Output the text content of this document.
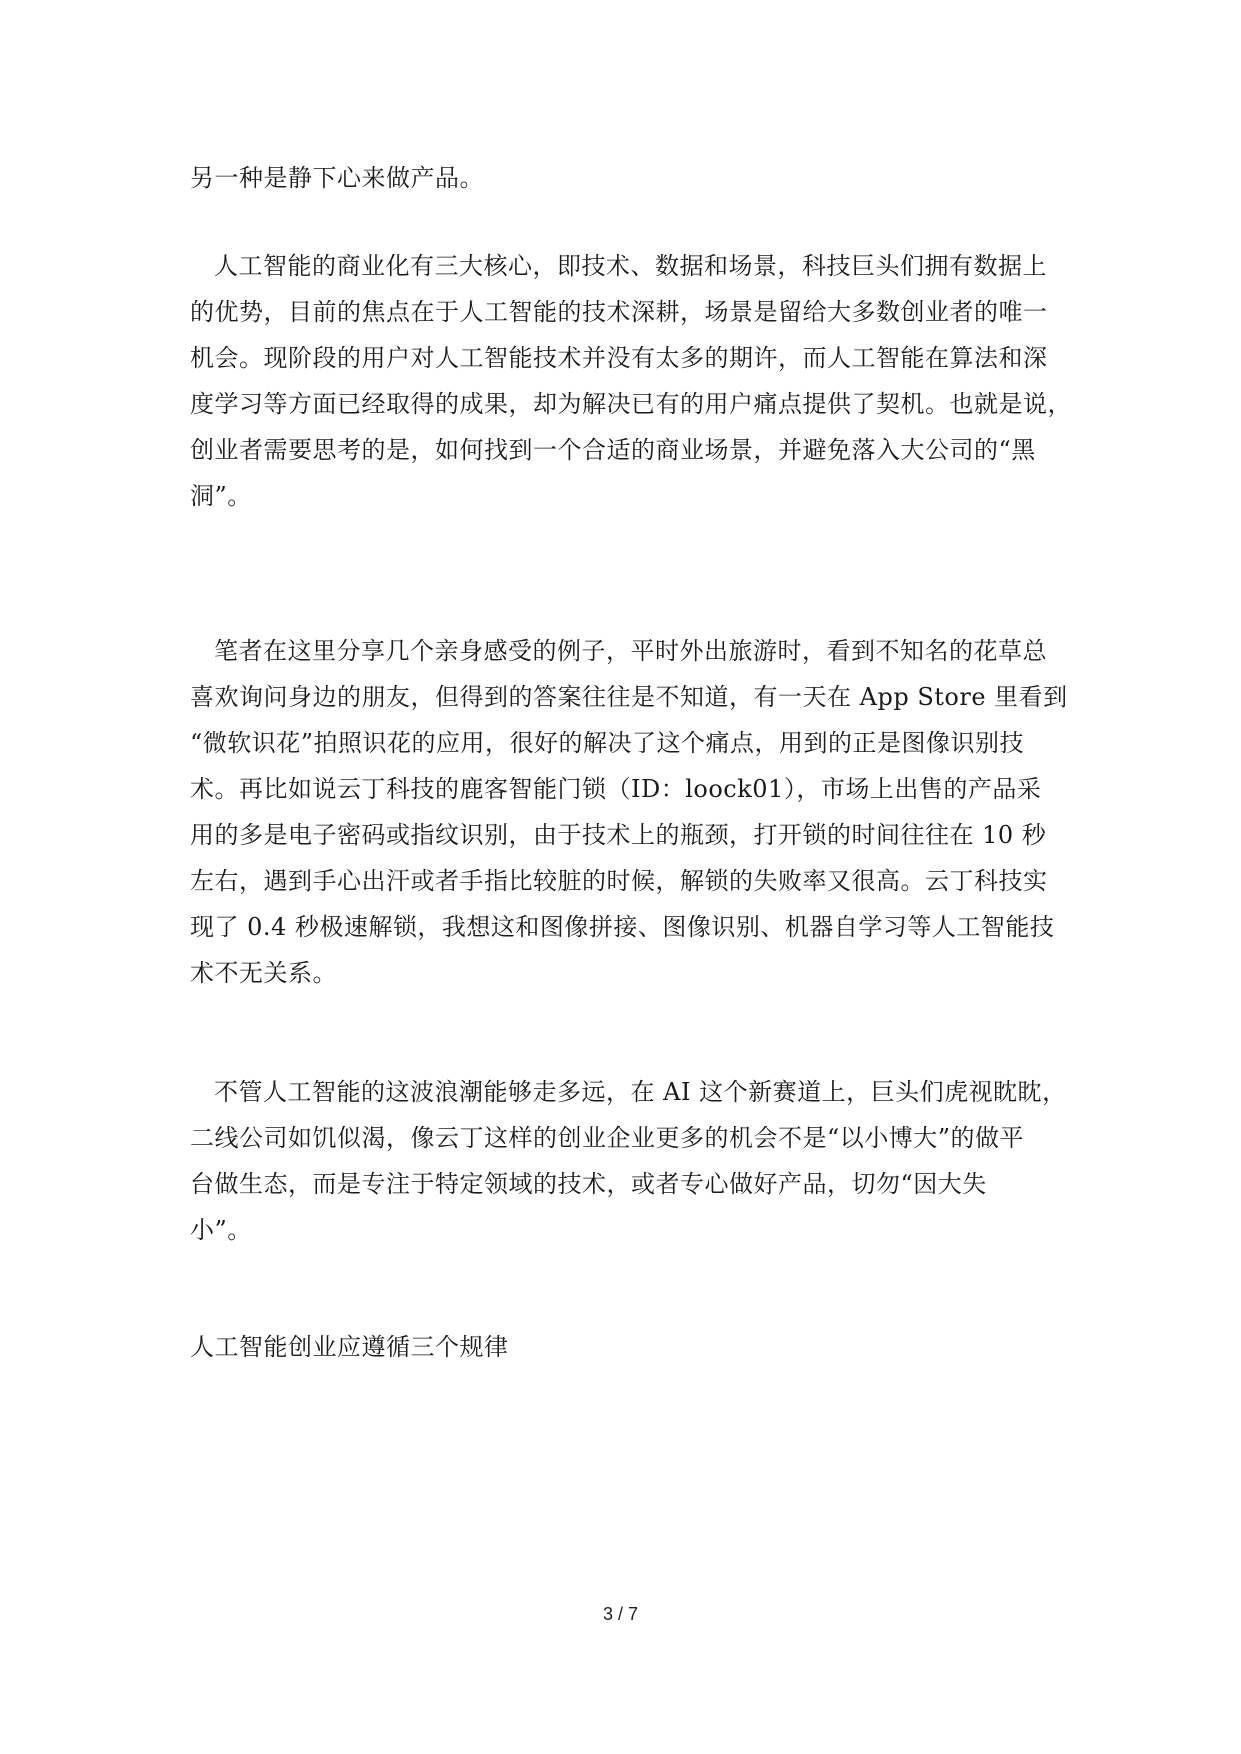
另一种是静下心来做产品。
人工智能的商业化有三大核心，即技术、数据和场景，科技巨头们拥有数据上
的优势，目前的焦点在于人工智能的技术深耕，场景是留给大多数创业者的唯一
机会。现阶段的用户对人工智能技术并没有太多的期许，而人工智能在算法和深
度学习等方面已经取得的成果，却为解决已有的用户痛点提供了契机。也就是说，
创业者需要思考的是，如何找到一个合适的商业场景，并避免落入大公司的“黑
洞”。
笔者在这里分享几个亲身感受的例子，平时外出旅游时，看到不知名的花草总
喜欢询问身边的朋友，但得到的答案往往是不知道，有一天在 App Store 里看到
“微软识花”拍照识花的应用，很好的解决了这个痛点，用到的正是图像识别技
术。再比如说云丁科技的鹿客智能门锁（ID：loock01），市场上出售的产品采
用的多是电子密码或指纹识别，由于技术上的瓶颈，打开锁的时间往往在 10 秒
左右，遇到手心出汗或者手指比较脏的时候，解锁的失败率又很高。云丁科技实
现了 0.4 秒极速解锁，我想这和图像拼接、图像识别、机器自学习等人工智能技
术不无关系。
不管人工智能的这波浪潮能够走多远，在 AI 这个新赛道上，巨头们虎视眈眈，
二线公司如饥似渴，像云丁这样的创业企业更多的机会不是“以小博大”的做平
台做生态，而是专注于特定领域的技术，或者专心做好产品，切勿“因大失
小”。
人工智能创业应遵循三个规律
3 / 7
